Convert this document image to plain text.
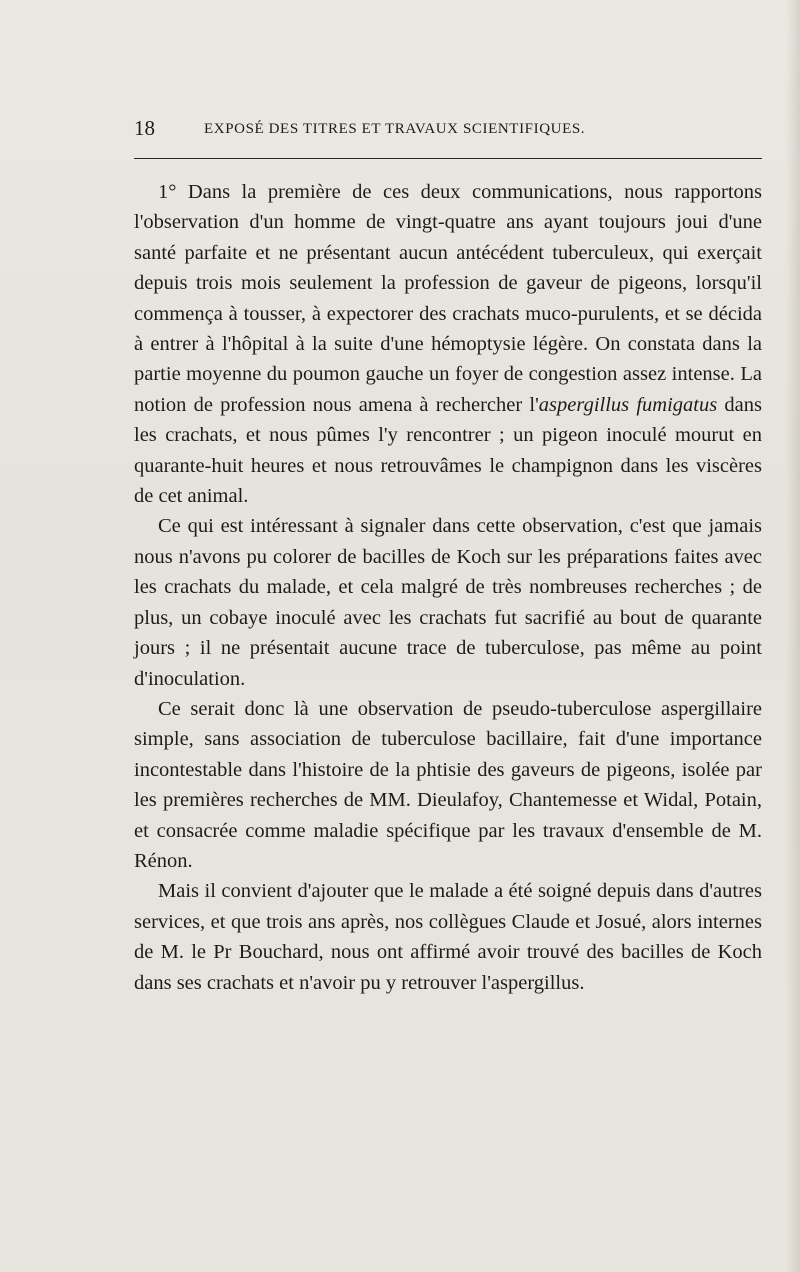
18	EXPOSÉ DES TITRES ET TRAVAUX SCIENTIFIQUES.

1° Dans la première de ces deux communications, nous rapportons l'observation d'un homme de vingt-quatre ans ayant toujours joui d'une santé parfaite et ne présentant aucun antécédent tuberculeux, qui exerçait depuis trois mois seulement la profession de gaveur de pigeons, lorsqu'il commença à tousser, à expectorer des crachats muco-purulents, et se décida à entrer à l'hôpital à la suite d'une hémoptysie légère. On constata dans la partie moyenne du poumon gauche un foyer de congestion assez intense. La notion de profession nous amena à rechercher l'aspergillus fumigatus dans les crachats, et nous pûmes l'y rencontrer ; un pigeon inoculé mourut en quarante-huit heures et nous retrouvâmes le champignon dans les viscères de cet animal.

Ce qui est intéressant à signaler dans cette observation, c'est que jamais nous n'avons pu colorer de bacilles de Koch sur les préparations faites avec les crachats du malade, et cela malgré de très nombreuses recherches ; de plus, un cobaye inoculé avec les crachats fut sacrifié au bout de quarante jours ; il ne présentait aucune trace de tuberculose, pas même au point d'inoculation.

Ce serait donc là une observation de pseudo-tuberculose aspergillaire simple, sans association de tuberculose bacillaire, fait d'une importance incontestable dans l'histoire de la phtisie des gaveurs de pigeons, isolée par les premières recherches de MM. Dieulafoy, Chantemesse et Widal, Potain, et consacrée comme maladie spécifique par les travaux d'ensemble de M. Rénon.

Mais il convient d'ajouter que le malade a été soigné depuis dans d'autres services, et que trois ans après, nos collègues Claude et Josué, alors internes de M. le Pr Bouchard, nous ont affirmé avoir trouvé des bacilles de Koch dans ses crachats et n'avoir pu y retrouver l'aspergillus.
